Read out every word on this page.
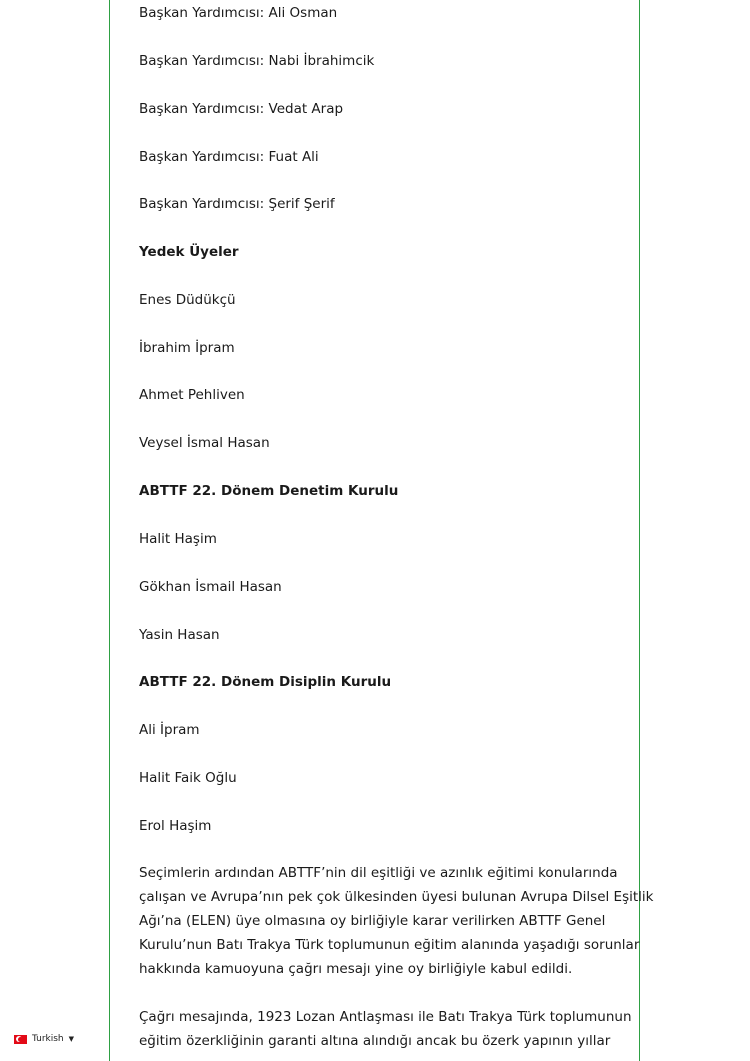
Başkan Yardımcısı: Ali Osman
Başkan Yardımcısı: Nabi İbrahimcik
Başkan Yardımcısı: Vedat Arap
Başkan Yardımcısı: Fuat Ali
Başkan Yardımcısı: Şerif Şerif
Yedek Üyeler
Enes Düdükçü
İbrahim İpram
Ahmet Pehliven
Veysel İsmal Hasan
ABTTF 22. Dönem Denetim Kurulu
Halit Haşim
Gökhan İsmail Hasan
Yasin Hasan
ABTTF 22. Dönem Disiplin Kurulu
Ali İpram
Halit Faik Oğlu
Erol Haşim
Seçimlerin ardından ABTTF’nin dil eşitliği ve azınlık eğitimi konularında
çalışan ve Avrupa’nın pek çok ülkesinden üyesi bulunan Avrupa Dilsel Eşitlik
Ağı’na (ELEN) üye olmasına oy birliğiyle karar verilirken ABTTF Genel
Kurulu’nun Batı Trakya Türk toplumunun eğitim alanında yaşadığı sorunlar
hakkında kamuoyuna çağrı mesajı yine oy birliğiyle kabul edildi.
Çağrı mesajında, 1923 Lozan Antlaşması ile Batı Trakya Türk toplumunun
eğitim özerkliğinin garanti altına alındığı ancak bu özerk yapının yıllar
Turkish ▼
